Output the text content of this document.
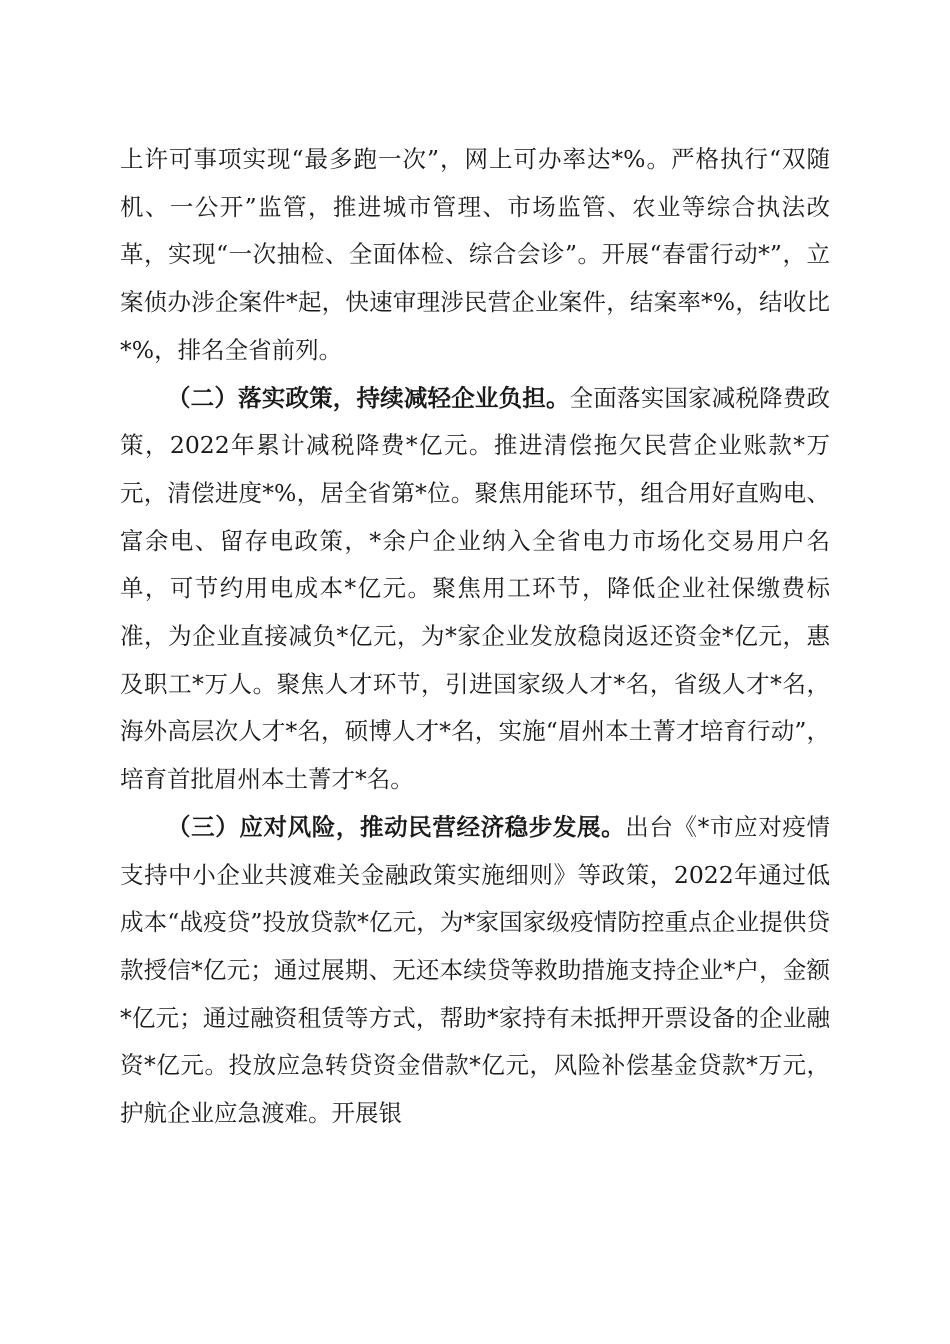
上许可事项实现“最多跑一次”，网上可办率达*%。严格执行“双随机、一公开”监管，推进城市管理、市场监管、农业等综合执法改革，实现“一次抽检、全面体检、综合会诊”。开展“春雷行动*”，立案侦办涉企案件*起，快速审理涉民营企业案件，结案率*%，结收比*%，排名全省前列。

（二）落实政策，持续减轻企业负担。全面落实国家减税降费政策，2022年累计减税降费*亿元。推进清偿拖欠民营企业账款*万元，清偿进度*%，居全省第*位。聚焦用能环节，组合用好直购电、富余电、留存电政策，*余户企业纳入全省电力市场化交易用户名单，可节约用电成本*亿元。聚焦用工环节，降低企业社保缴费标准，为企业直接减负*亿元，为*家企业发放稳岗返还资金*亿元，惠及职工*万人。聚焦人才环节，引进国家级人才*名，省级人才*名，海外高层次人才*名，硕博人才*名，实施“眉州本土菁才培育行动”，培育首批眉州本土菁才*名。

（三）应对风险，推动民营经济稳步发展。出台《*市应对疫情支持中小企业共渡难关金融政策实施细则》等政策，2022年通过低成本“战疫贷”投放贷款*亿元，为*家国家级疫情防控重点企业提供贷款授信*亿元；通过展期、无还本续贷等救助措施支持企业*户，金额*亿元；通过融资租赁等方式，帮助*家持有未抵押开票设备的企业融资*亿元。投放应急转贷资金借款*亿元，风险补偿基金贷款*万元，护航企业应急渡难。开展银
